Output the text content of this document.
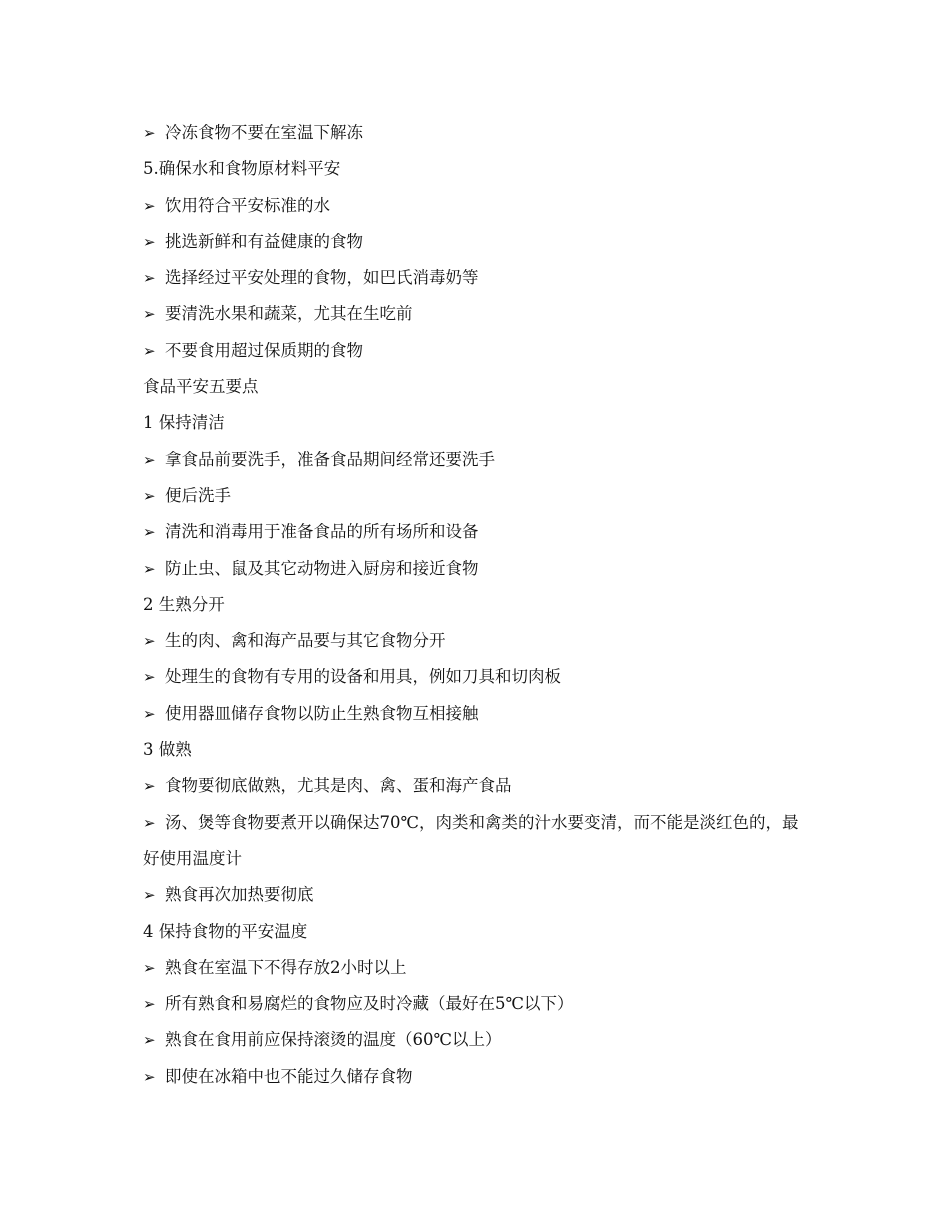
➢ 冷冻食物不要在室温下解冻
5.确保水和食物原材料平安
➢ 饮用符合平安标准的水
➢ 挑选新鲜和有益健康的食物
➢ 选择经过平安处理的食物，如巴氏消毒奶等
➢ 要清洗水果和蔬菜，尤其在生吃前
➢ 不要食用超过保质期的食物
食品平安五要点
1 保持清洁
➢ 拿食品前要洗手，准备食品期间经常还要洗手
➢ 便后洗手
➢ 清洗和消毒用于准备食品的所有场所和设备
➢ 防止虫、鼠及其它动物进入厨房和接近食物
2 生熟分开
➢ 生的肉、禽和海产品要与其它食物分开
➢ 处理生的食物有专用的设备和用具，例如刀具和切肉板
➢ 使用器皿储存食物以防止生熟食物互相接触
3 做熟
➢ 食物要彻底做熟，尤其是肉、禽、蛋和海产食品
➢ 汤、煲等食物要煮开以确保达70℃，肉类和禽类的汁水要变清，而不能是淡红色的，最好使用温度计
➢ 熟食再次加热要彻底
4 保持食物的平安温度
➢ 熟食在室温下不得存放2小时以上
➢ 所有熟食和易腐烂的食物应及时冷藏（最好在5℃以下）
➢ 熟食在食用前应保持滚烫的温度（60℃以上）
➢ 即使在冰箱中也不能过久储存食物
